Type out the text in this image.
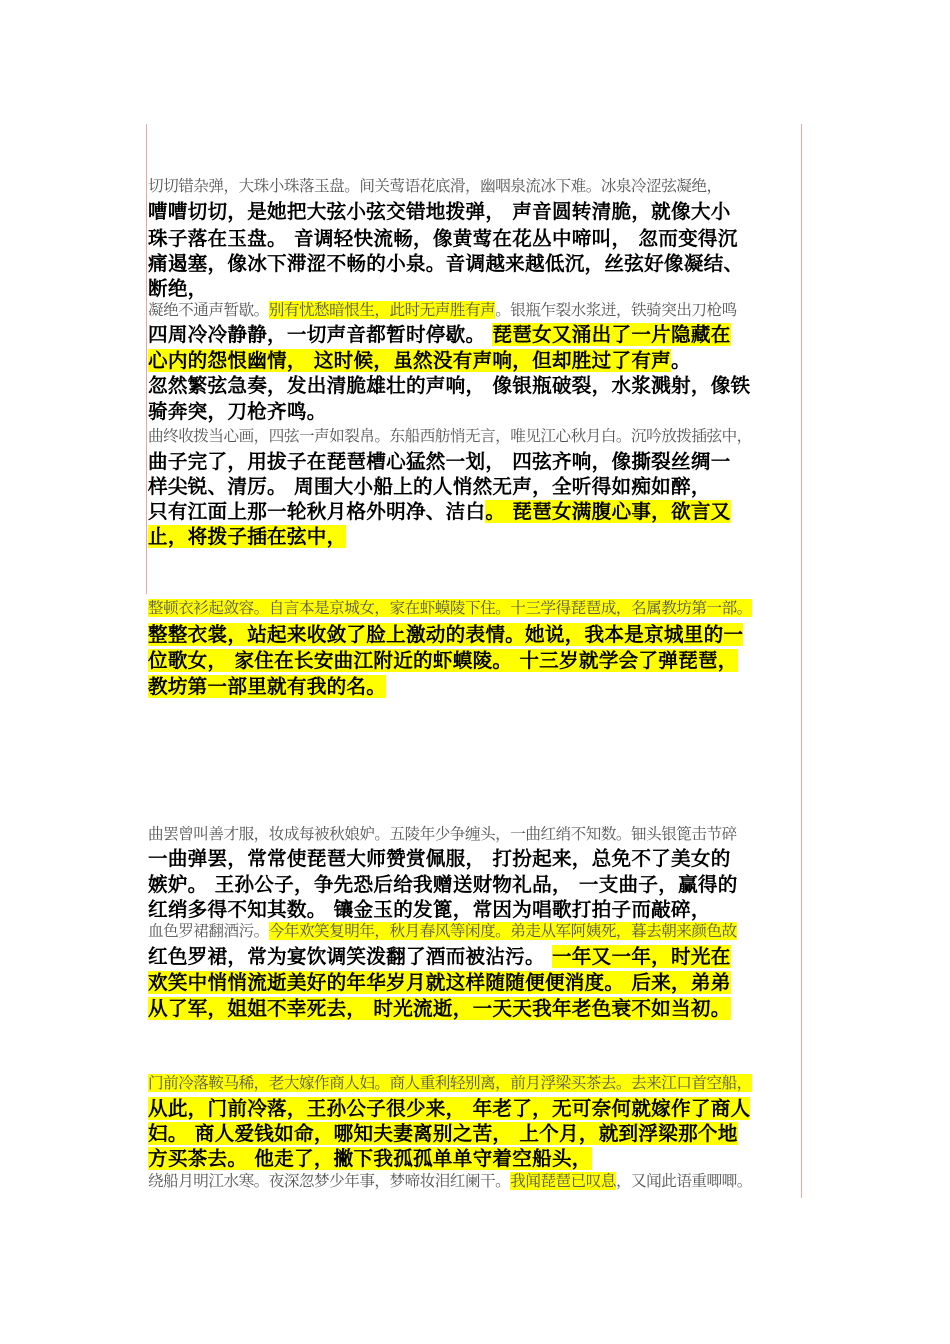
切切错杂弹，大珠小珠落玉盘。间关莺语花底滑，幽咽泉流冰下难。冰泉冷涩弦凝绝，
嘈嘈切切，是她把大弦小弦交错地拨弹， 声音圆转清脆，就像大小
珠子落在玉盘。 音调轻快流畅，像黄莺在花丛中啼叫， 忽而变得沉
痛遏塞，像冰下滞涩不畅的小泉。音调越来越低沉，丝弦好像凝结、
断绝，
凝绝不通声暂歇。别有忧愁暗恨生，此时无声胜有声。银瓶乍裂水浆迸，铁骑突出刀枪鸣
四周冷冷静静，一切声音都暂时停歇。 琵琶女又涌出了一片隐藏在
心内的怨恨幽情， 这时候，虽然没有声响，但却胜过了有声。
忽然繁弦急奏，发出清脆雄壮的声响， 像银瓶破裂，水浆溅射，像铁
骑奔突，刀枪齐鸣。
曲终收拨当心画，四弦一声如裂帛。东船西舫悄无言，唯见江心秋月白。沉吟放拨插弦中，
曲子完了，用拔子在琵琶槽心猛然一划， 四弦齐响，像撕裂丝绸一
样尖锐、清厉。 周围大小船上的人悄然无声，全听得如痴如醉，
只有江面上那一轮秋月格外明净、洁白。 琵琶女满腹心事，欲言又
止，将拨子插在弦中，
整顿衣衫起敛容。自言本是京城女，家在虾蟆陵下住。十三学得琵琶成，名属教坊第一部。
整整衣裳，站起来收敛了脸上激动的表情。她说，我本是京城里的一
位歌女， 家住在长安曲江附近的虾蟆陵。 十三岁就学会了弹琵琶，
教坊第一部里就有我的名。
曲罢曾叫善才服，妆成每被秋娘妒。五陵年少争缠头，一曲红绡不知数。钿头银篦击节碎
一曲弹罢，常常使琵琶大师赞赏佩服， 打扮起来，总免不了美女的
嫉妒。 王孙公子，争先恐后给我赠送财物礼品， 一支曲子，赢得的
红绡多得不知其数。 镶金玉的发篦，常因为唱歌打拍子而敲碎，
血色罗裙翻酒污。今年欢笑复明年，秋月春风等闲度。弟走从军阿姨死，暮去朝来颜色故
红色罗裙，常为宴饮调笑泼翻了酒而被沾污。 一年又一年，时光在
欢笑中悄悄流逝美好的年华岁月就这样随随便便消度。 后来，弟弟
从了军，姐姐不幸死去， 时光流逝，一天天我年老色衰不如当初。
门前冷落鞍马稀，老大嫁作商人妇。商人重利轻别离，前月浮梁买茶去。去来江口首空船，
从此，门前冷落，王孙公子很少来， 年老了，无可奈何就嫁作了商人
妇。 商人爱钱如命，哪知夫妻离别之苦， 上个月，就到浮梁那个地
方买茶去。 他走了，撇下我孤孤单单守着空船头，
绕船月明江水寒。夜深忽梦少年事，梦啼妆泪红阑干。我闻琵琶已叹息，又闻此语重唧唧。
